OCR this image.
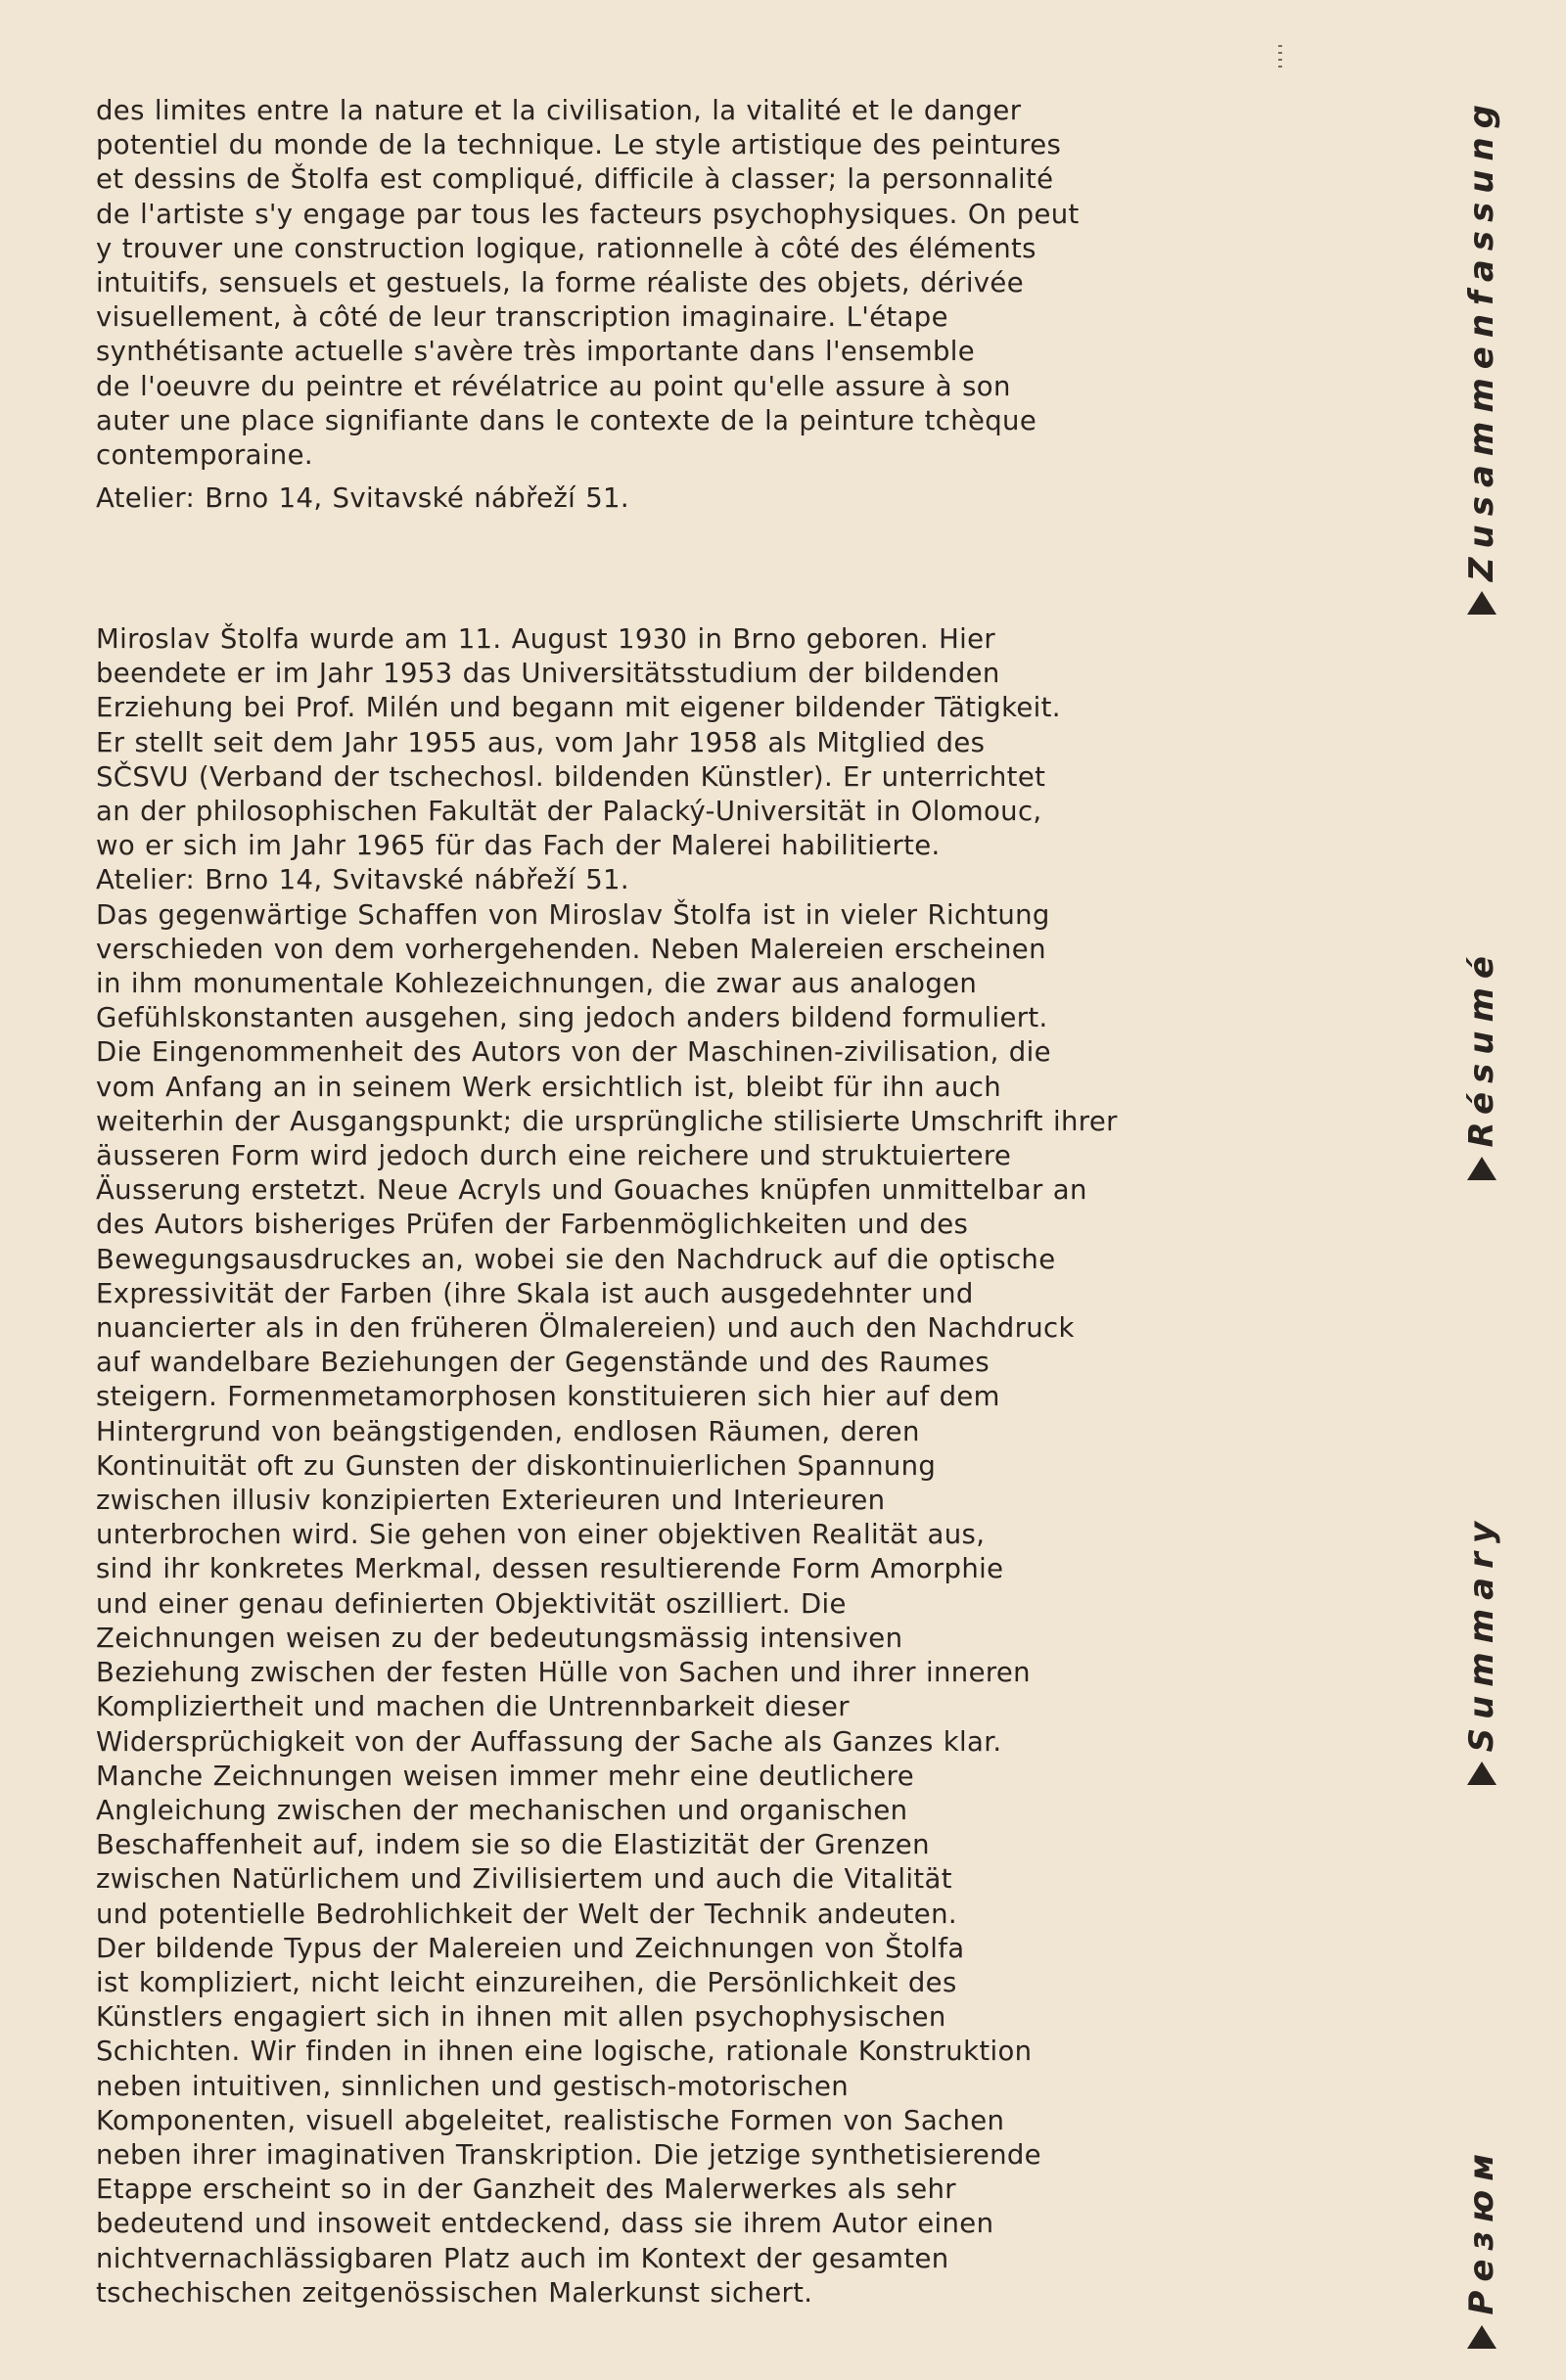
des limites entre la nature et la civilisation, la vitalité et le danger
potentiel du monde de la technique. Le style artistique des peintures
et dessins de Štolfa est compliqué, difficile à classer; la personnalité
de l'artiste s'y engage par tous les facteurs psychophysiques. On peut
y trouver une construction logique, rationnelle à côté des éléments
intuitifs, sensuels et gestuels, la forme réaliste des objets, dérivée
visuellement, à côté de leur transcription imaginaire. L'étape
synthétisante actuelle s'avère très importante dans l'ensemble
de l'oeuvre du peintre et révélatrice au point qu'elle assure à son
auter une place signifiante dans le contexte de la peinture tchèque
contemporaine.
Atelier: Brno 14, Svitavské nábřeží 51.
Miroslav Štolfa wurde am 11. August 1930 in Brno geboren. Hier
beendete er im Jahr 1953 das Universitätsstudium der bildenden
Erziehung bei Prof. Milén und begann mit eigener bildender Tätigkeit.
Er stellt seit dem Jahr 1955 aus, vom Jahr 1958 als Mitglied des
SČSVU (Verband der tschechosl. bildenden Künstler). Er unterrichtet
an der philosophischen Fakultät der Palacký-Universität in Olomouc,
wo er sich im Jahr 1965 für das Fach der Malerei habilitierte.
Atelier: Brno 14, Svitavské nábřeží 51.
Das gegenwärtige Schaffen von Miroslav Štolfa ist in vieler Richtung
verschieden von dem vorhergehenden. Neben Malereien erscheinen
in ihm monumentale Kohlezeichnungen, die zwar aus analogen
Gefühlskonstanten ausgehen, sing jedoch anders bildend formuliert.
Die Eingenommenheit des Autors von der Maschinen-zivilisation, die
vom Anfang an in seinem Werk ersichtlich ist, bleibt für ihn auch
weiterhin der Ausgangspunkt; die ursprüngliche stilisierte Umschrift ihrer
äusseren Form wird jedoch durch eine reichere und struktuiertere
Äusserung erstetzt. Neue Acryls und Gouaches knüpfen unmittelbar an
des Autors bisheriges Prüfen der Farbenmöglichkeiten und des
Bewegungsausdruckes an, wobei sie den Nachdruck auf die optische
Expressivität der Farben (ihre Skala ist auch ausgedehnter und
nuancierter als in den früheren Ölmalereien) und auch den Nachdruck
auf wandelbare Beziehungen der Gegenstände und des Raumes
steigern. Formenmetamorphosen konstituieren sich hier auf dem
Hintergrund von beängstigenden, endlosen Räumen, deren
Kontinuität oft zu Gunsten der diskontinuierlichen Spannung
zwischen illusiv konzipierten Exterieuren und Interieuren
unterbrochen wird. Sie gehen von einer objektiven Realität aus,
sind ihr konkretes Merkmal, dessen resultierende Form Amorphie
und einer genau definierten Objektivität oszilliert. Die
Zeichnungen weisen zu der bedeutungsmässig intensiven
Beziehung zwischen der festen Hülle von Sachen und ihrer inneren
Kompliziertheit und machen die Untrennbarkeit dieser
Widersprüchigkeit von der Auffassung der Sache als Ganzes klar.
Manche Zeichnungen weisen immer mehr eine deutlichere
Angleichung zwischen der mechanischen und organischen
Beschaffenheit auf, indem sie so die Elastizität der Grenzen
zwischen Natürlichem und Zivilisiertem und auch die Vitalität
und potentielle Bedrohlichkeit der Welt der Technik andeuten.
Der bildende Typus der Malereien und Zeichnungen von Štolfa
ist kompliziert, nicht leicht einzureihen, die Persönlichkeit des
Künstlers engagiert sich in ihnen mit allen psychophysischen
Schichten. Wir finden in ihnen eine logische, rationale Konstruktion
neben intuitiven, sinnlichen und gestisch-motorischen
Komponenten, visuell abgeleitet, realistische Formen von Sachen
neben ihrer imaginativen Transkription. Die jetzige synthetisierende
Etappe erscheint so in der Ganzheit des Malerwerkes als sehr
bedeutend und insoweit entdeckend, dass sie ihrem Autor einen
nichtvernachlässigbaren Platz auch im Kontext der gesamten
tschechischen zeitgenössischen Malerkunst sichert.
Zusammenfassung
Résumé
Summary
Резюм
